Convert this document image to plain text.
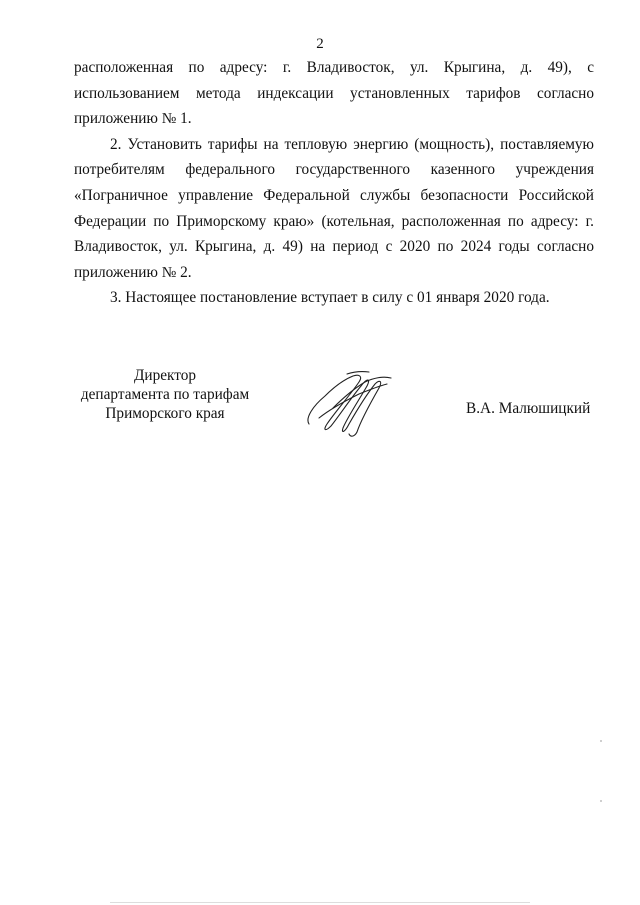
2

расположенная по адресу: г. Владивосток, ул. Крыгина, д. 49), с использованием метода индексации установленных тарифов согласно приложению № 1.

2. Установить тарифы на тепловую энергию (мощность), поставляемую потребителям федерального государственного казенного учреждения «Пограничное управление Федеральной службы безопасности Российской Федерации по Приморскому краю» (котельная, расположенная по адресу: г. Владивосток, ул. Крыгина, д. 49) на период с 2020 по 2024 годы согласно приложению № 2.

3. Настоящее постановление вступает в силу с 01 января 2020 года.

Директор
департамента по тарифам
Приморского края	В.А. Малюшицкий
